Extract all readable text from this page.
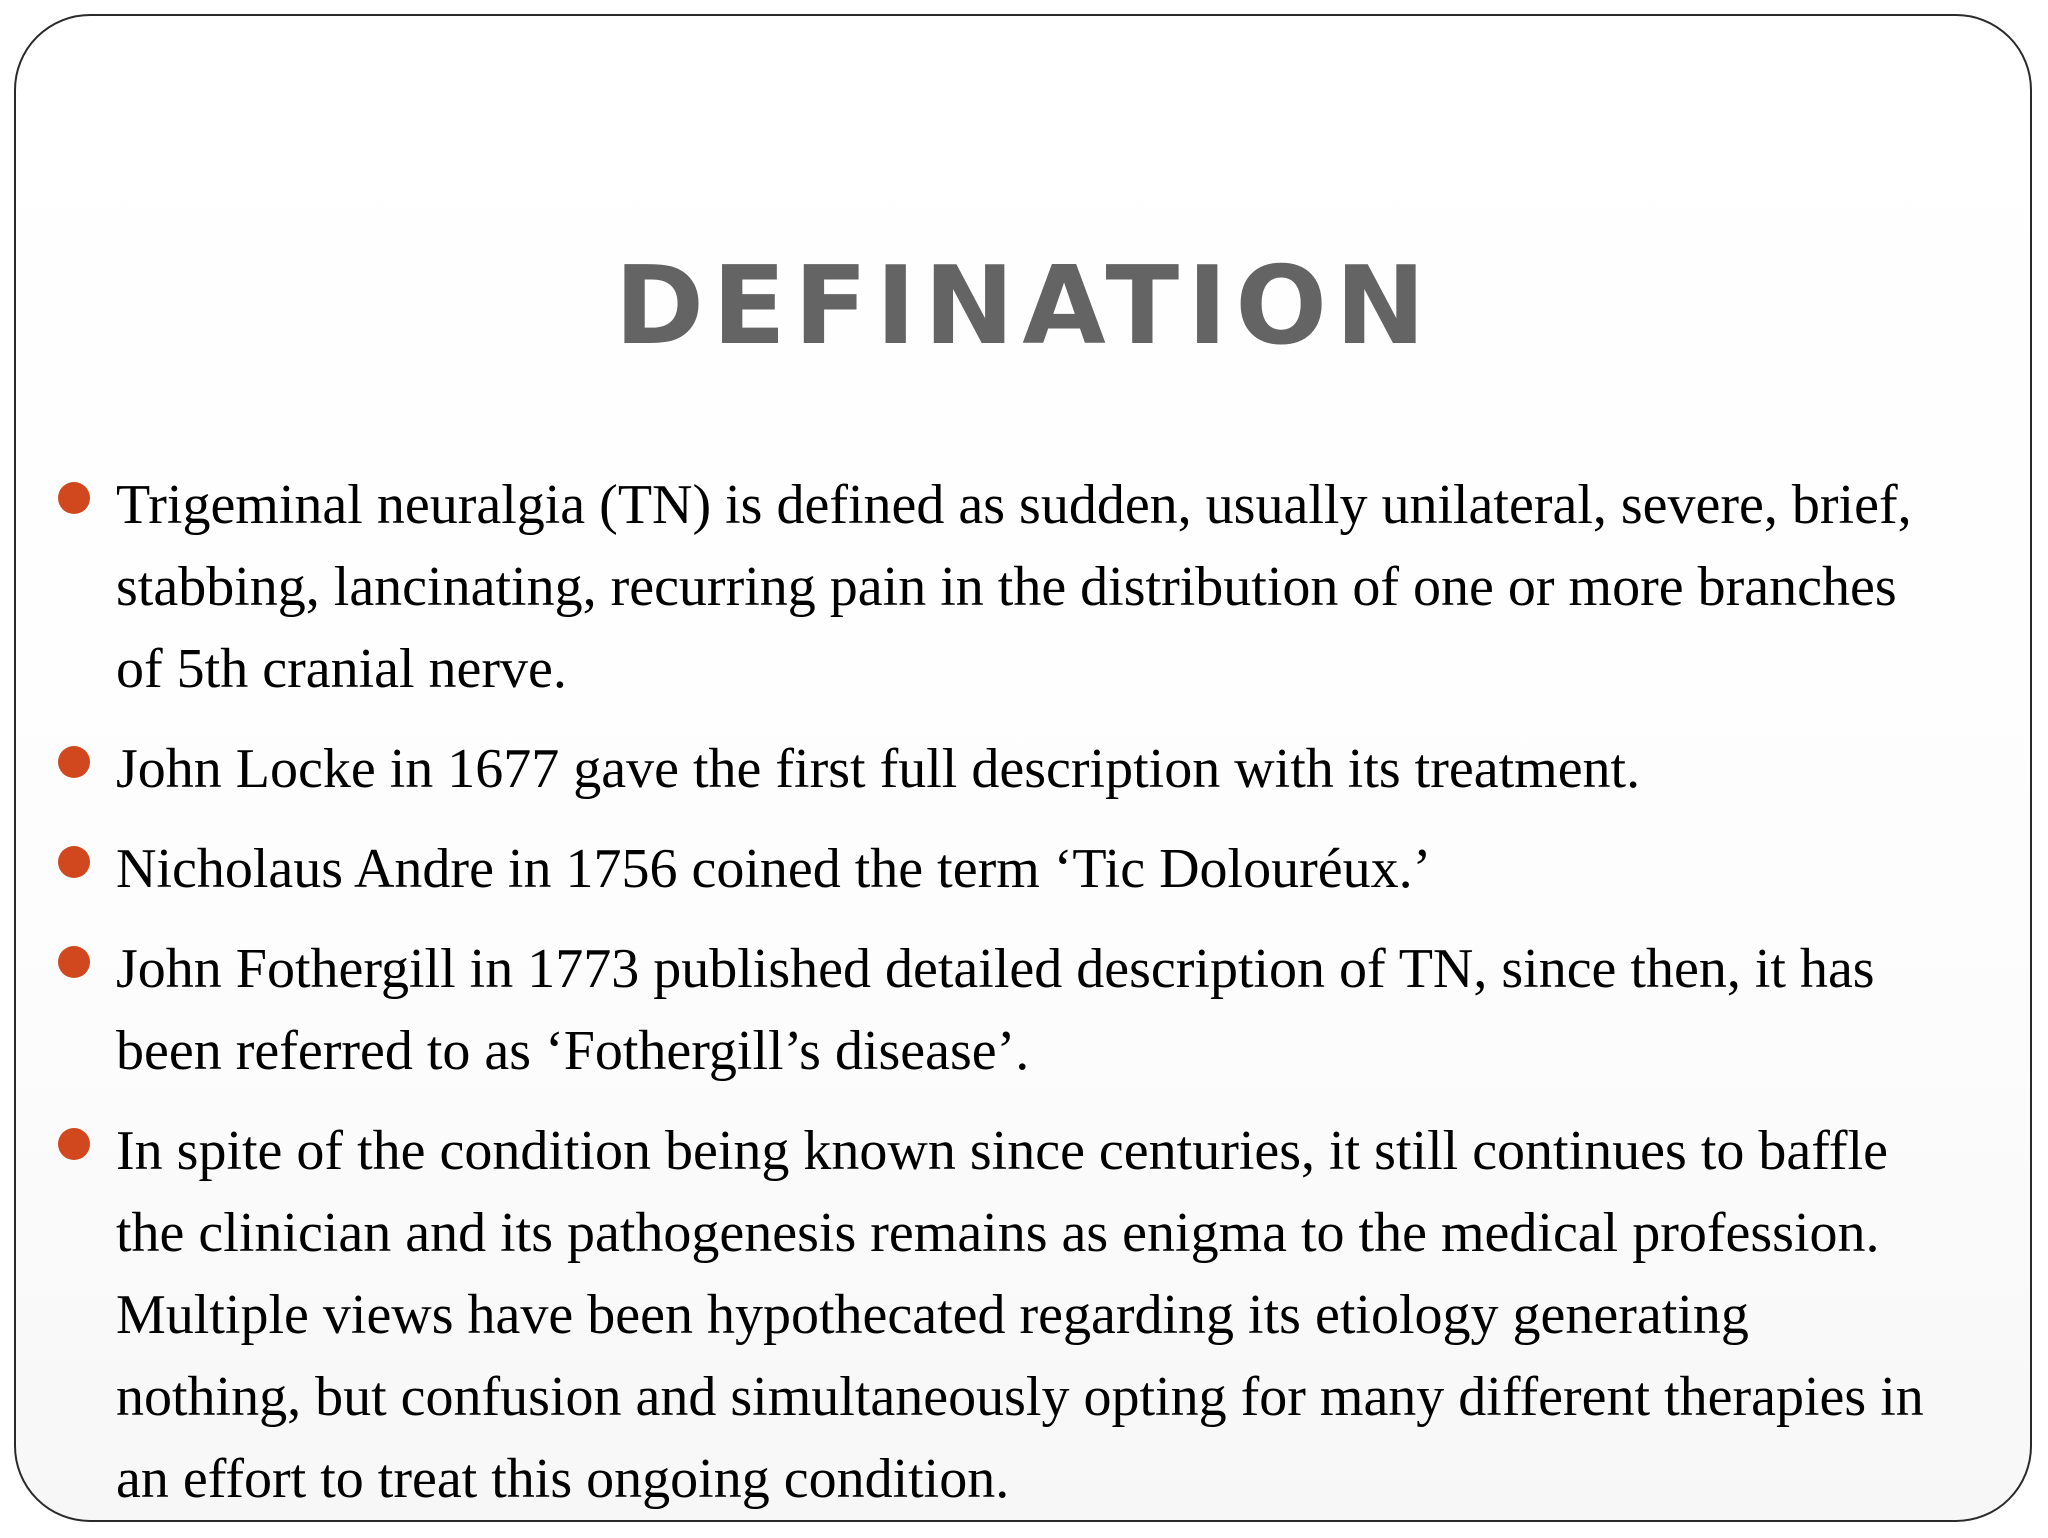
DEFINATION
Trigeminal neuralgia (TN) is defined as sudden, usually unilateral, severe, brief, stabbing, lancinating, recurring pain in the distribution of one or more branches of 5th cranial nerve.
John Locke in 1677 gave the first full description with its treatment.
Nicholaus Andre in 1756 coined the term ‘Tic Dolouréux.’
John Fothergill in 1773 published detailed description of TN, since then, it has been referred to as ‘Fothergill’s disease’.
In spite of the condition being known since centuries, it still continues to baffle the clinician and its pathogenesis remains as enigma to the medical profession. Multiple views have been hypothecated regarding its etiology generating nothing, but confusion and simultaneously opting for many different therapies in an effort to treat this ongoing condition.
